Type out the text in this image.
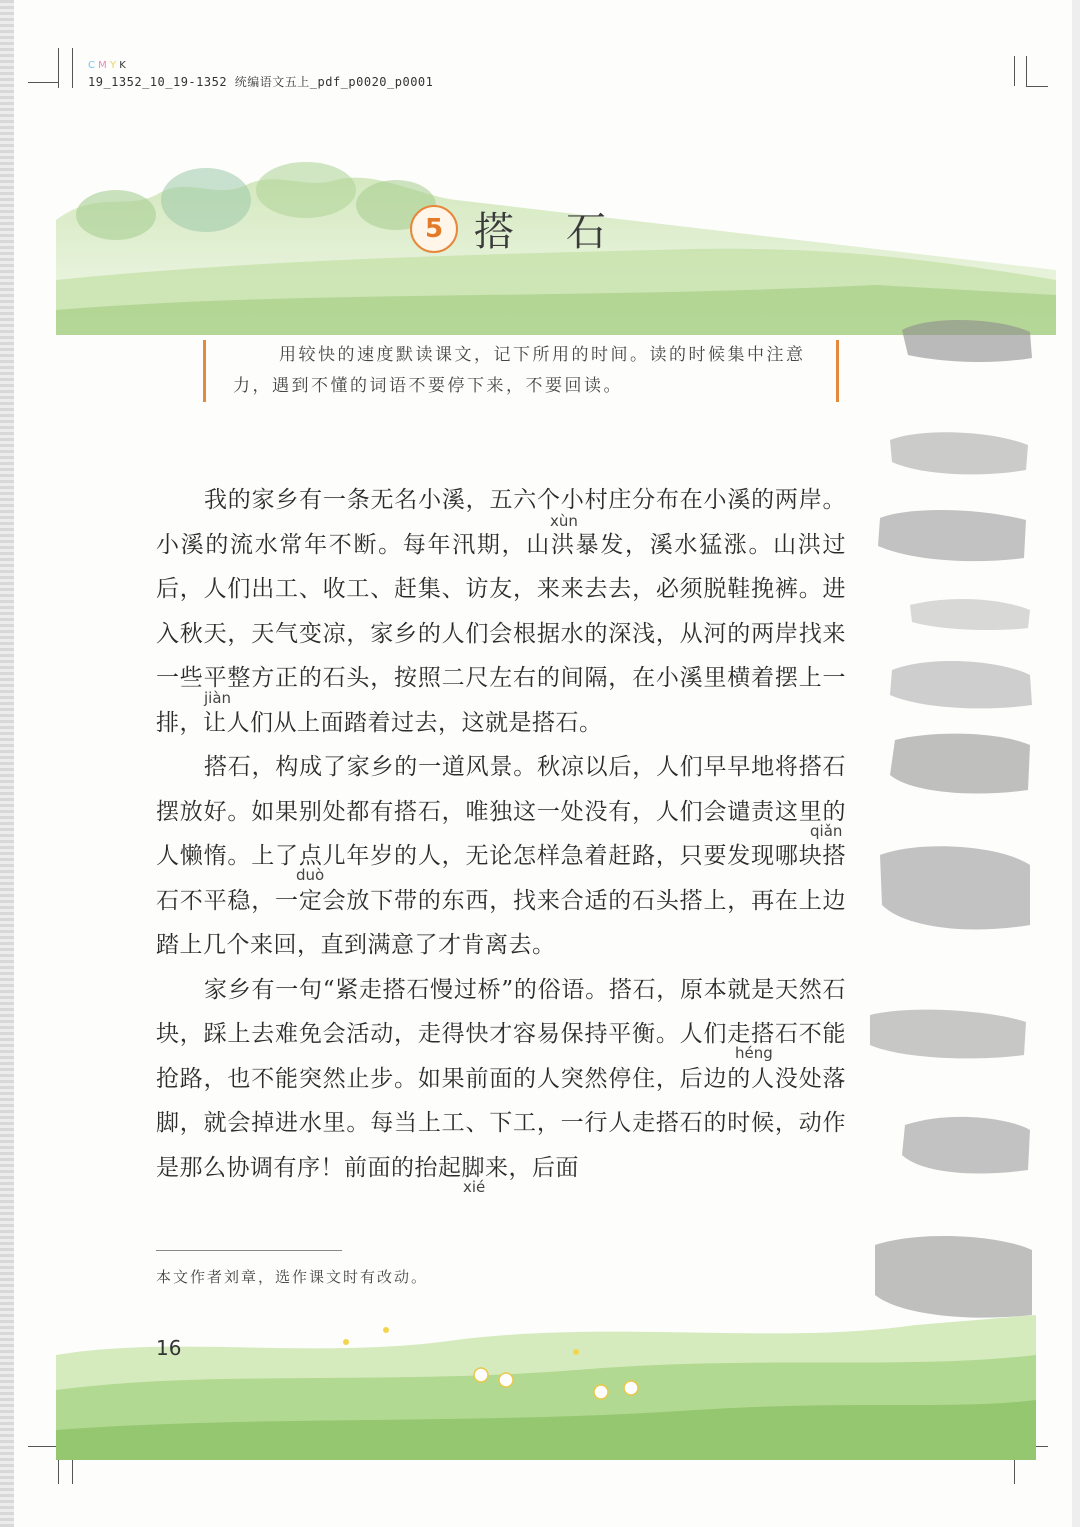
C M Y K
19_1352_10_19-1352 统编语文五上_pdf_p0020_p0001
5 搭石
用较快的速度默读课文，记下所用的时间。读的时候集中注意力，遇到不懂的词语不要停下来，不要回读。

我的家乡有一条无名小溪，五六个小村庄分布在小溪的两岸。小溪的流水常年不断。每年汛期，山洪暴发，溪水猛涨。山洪过后，人们出工、收工、赶集、访友，来来去去，必须脱鞋挽裤。进入秋天，天气变凉，家乡的人们会根据水的深浅，从河的两岸找来一些平整方正的石头，按照二尺左右的间隔，在小溪里横着摆上一排，让人们从上面踏着过去，这就是搭石。

搭石，构成了家乡的一道风景。秋凉以后，人们早早地将搭石摆放好。如果别处都有搭石，唯独这一处没有，人们会谴责这里的人懒惰。上了点儿年岁的人，无论怎样急着赶路，只要发现哪块搭石不平稳，一定会放下带的东西，找来合适的石头搭上，再在上边踏上几个来回，直到满意了才肯离去。

家乡有一句“紧走搭石慢过桥”的俗语。搭石，原本就是天然石块，踩上去难免会活动，走得快才容易保持平衡。人们走搭石不能抢路，也不能突然止步。如果前面的人突然停住，后边的人没处落脚，就会掉进水里。每当上工、下工，一行人走搭石的时候，动作是那么协调有序！前面的抬起脚来，后面

xùn
jiàn
qiǎn
duò
héng
xié
本文作者刘章，选作课文时有改动。
16
